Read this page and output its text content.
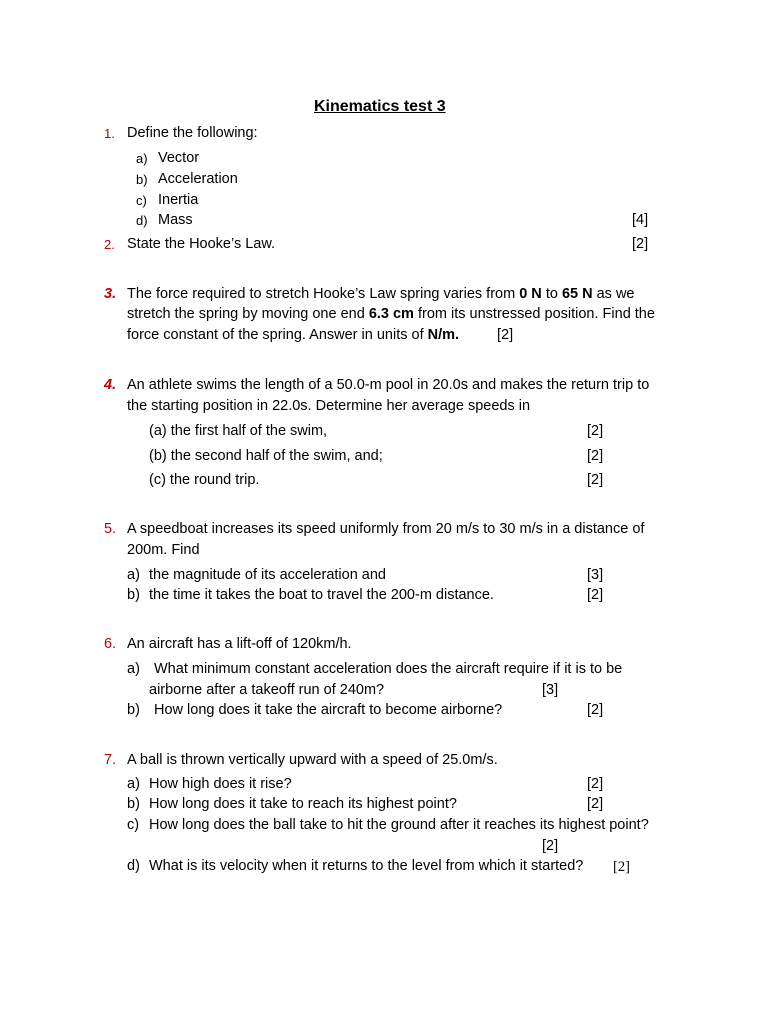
Kinematics test 3
1. Define the following:
a) Vector
b) Acceleration
c) Inertia
d) Mass	[4]
2. State the Hooke’s Law.	[2]
3. The force required to stretch Hooke’s Law spring varies from 0 N to 65 N as we
stretch the spring by moving one end 6.3 cm from its unstressed position. Find the
force constant of the spring. Answer in units of N/m.	[2]
4. An athlete swims the length of a 50.0-m pool in 20.0s and makes the return trip to
the starting position in 22.0s. Determine her average speeds in
(a) the first half of the swim,	[2]
(b) the second half of the swim, and;	[2]
(c) the round trip.	[2]
5. A speedboat increases its speed uniformly from 20 m/s to 30 m/s in a distance of
200m. Find
a) the magnitude of its acceleration and	[3]
b) the time it takes the boat to travel the 200-m distance.	[2]
6. An aircraft has a lift-off of 120km/h.
a) What minimum constant acceleration does the aircraft require if it is to be
airborne after a takeoff run of 240m?	[3]
b) How long does it take the aircraft to become airborne?	[2]
7. A ball is thrown vertically upward with a speed of 25.0m/s.
a) How high does it rise?	[2]
b) How long does it take to reach its highest point?	[2]
c) How long does the ball take to hit the ground after it reaches its highest point?
[2]
d) What is its velocity when it returns to the level from which it started? [2]
